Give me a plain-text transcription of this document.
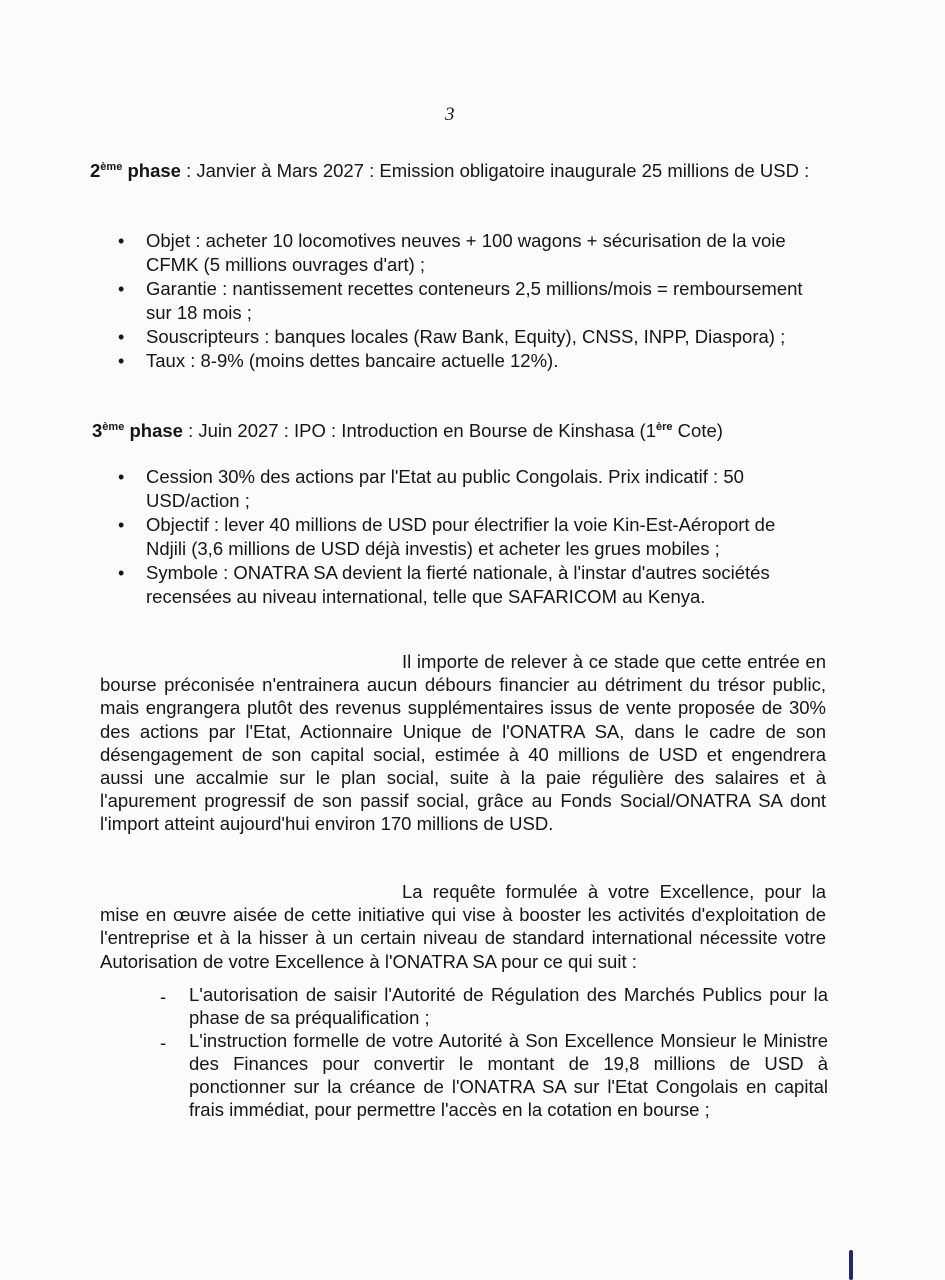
3
2ème phase : Janvier à Mars 2027 : Emission obligatoire inaugurale 25 millions de USD :
• Objet : acheter 10 locomotives neuves + 100 wagons + sécurisation de la voie CFMK (5 millions ouvrages d'art) ;
• Garantie : nantissement recettes conteneurs 2,5 millions/mois = remboursement sur 18 mois ;
• Souscripteurs : banques locales (Raw Bank, Equity), CNSS, INPP, Diaspora) ;
• Taux : 8-9% (moins dettes bancaire actuelle 12%).
3ème phase : Juin 2027 : IPO : Introduction en Bourse de Kinshasa (1ère Cote)
• Cession 30% des actions par l'Etat au public Congolais. Prix indicatif : 50 USD/action ;
• Objectif : lever 40 millions de USD pour électrifier la voie Kin-Est-Aéroport de Ndjili (3,6 millions de USD déjà investis) et acheter les grues mobiles ;
• Symbole : ONATRA SA devient la fierté nationale, à l'instar d'autres sociétés recensées au niveau international, telle que SAFARICOM au Kenya.
Il importe de relever à ce stade que cette entrée en bourse préconisée n'entrainera aucun débours financier au détriment du trésor public, mais engrangera plutôt des revenus supplémentaires issus de vente proposée de 30% des actions par l'Etat, Actionnaire Unique de l'ONATRA SA, dans le cadre de son désengagement de son capital social, estimée à 40 millions de USD et engendrera aussi une accalmie sur le plan social, suite à la paie régulière des salaires et à l'apurement progressif de son passif social, grâce au Fonds Social/ONATRA SA dont l'import atteint aujourd'hui environ 170 millions de USD.
La requête formulée à votre Excellence, pour la mise en œuvre aisée de cette initiative qui vise à booster les activités d'exploitation de l'entreprise et à la hisser à un certain niveau de standard international nécessite votre Autorisation de votre Excellence à l'ONATRA SA pour ce qui suit :
- L'autorisation de saisir l'Autorité de Régulation des Marchés Publics pour la phase de sa préqualification ;
- L'instruction formelle de votre Autorité à Son Excellence Monsieur le Ministre des Finances pour convertir le montant de 19,8 millions de USD à ponctionner sur la créance de l'ONATRA SA sur l'Etat Congolais en capital frais immédiat, pour permettre l'accès en la cotation en bourse ;
